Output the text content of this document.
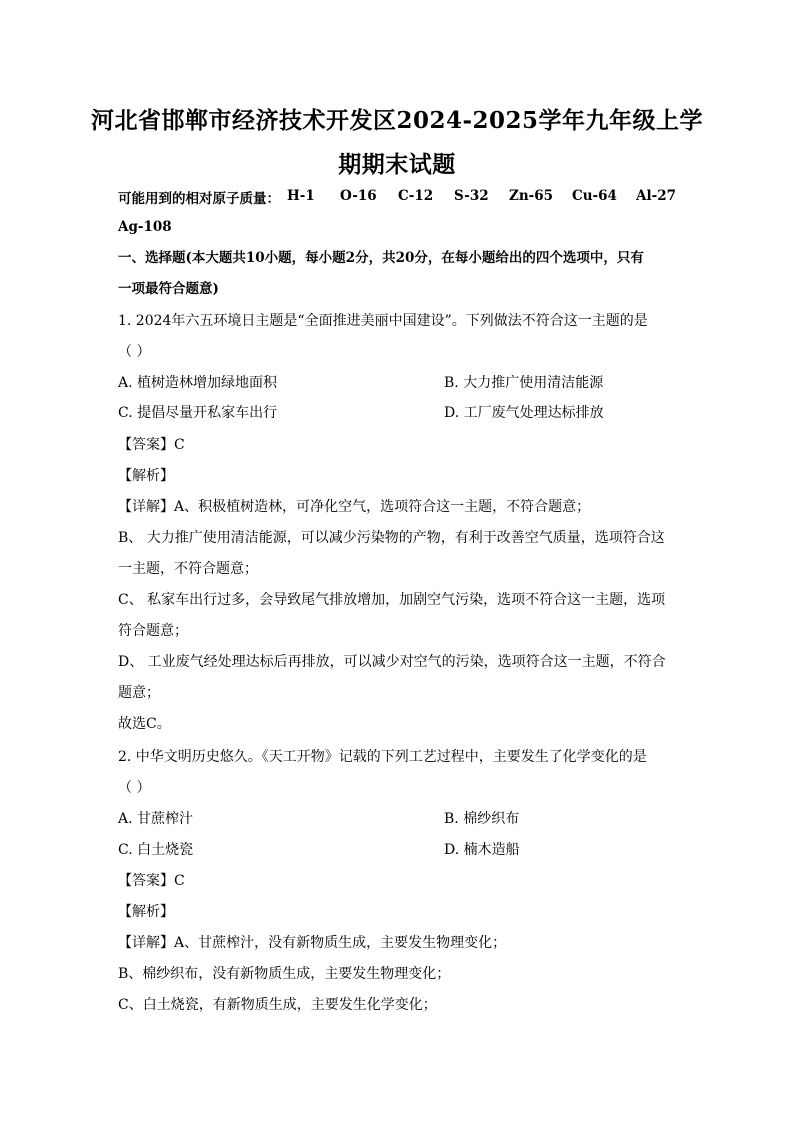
河北省邯郸市经济技术开发区2024-2025学年九年级上学
期期末试题
可能用到的相对原子质量： H-1 O-16 C-12 S-32 Zn-65 Cu-64 Al-27
Ag-108
一、选择题(本大题共10小题，每小题2分，共20分，在每小题给出的四个选项中，只有
一项最符合题意)
1. 2024年六五环境日主题是“全面推进美丽中国建设”。下列做法不符合这一主题的是
（ ）
A. 植树造林增加绿地面积	B. 大力推广使用清洁能源
C. 提倡尽量开私家车出行	D. 工厂废气处理达标排放
【答案】C
【解析】
【详解】A、积极植树造林，可净化空气，选项符合这一主题，不符合题意；
B、 大力推广使用清洁能源，可以减少污染物的产物，有利于改善空气质量，选项符合这
一主题，不符合题意；
C、 私家车出行过多，会导致尾气排放增加，加剧空气污染，选项不符合这一主题，选项
符合题意；
D、 工业废气经处理达标后再排放，可以减少对空气的污染，选项符合这一主题，不符合
题意；
故选C。
2. 中华文明历史悠久。《天工开物》记载的下列工艺过程中，主要发生了化学变化的是
（ ）
A. 甘蔗榨汁	B. 棉纱织布
C. 白土烧瓷	D. 楠木造船
【答案】C
【解析】
【详解】A、甘蔗榨汁，没有新物质生成，主要发生物理变化；
B、棉纱织布，没有新物质生成，主要发生物理变化；
C、白土烧瓷，有新物质生成，主要发生化学变化；
